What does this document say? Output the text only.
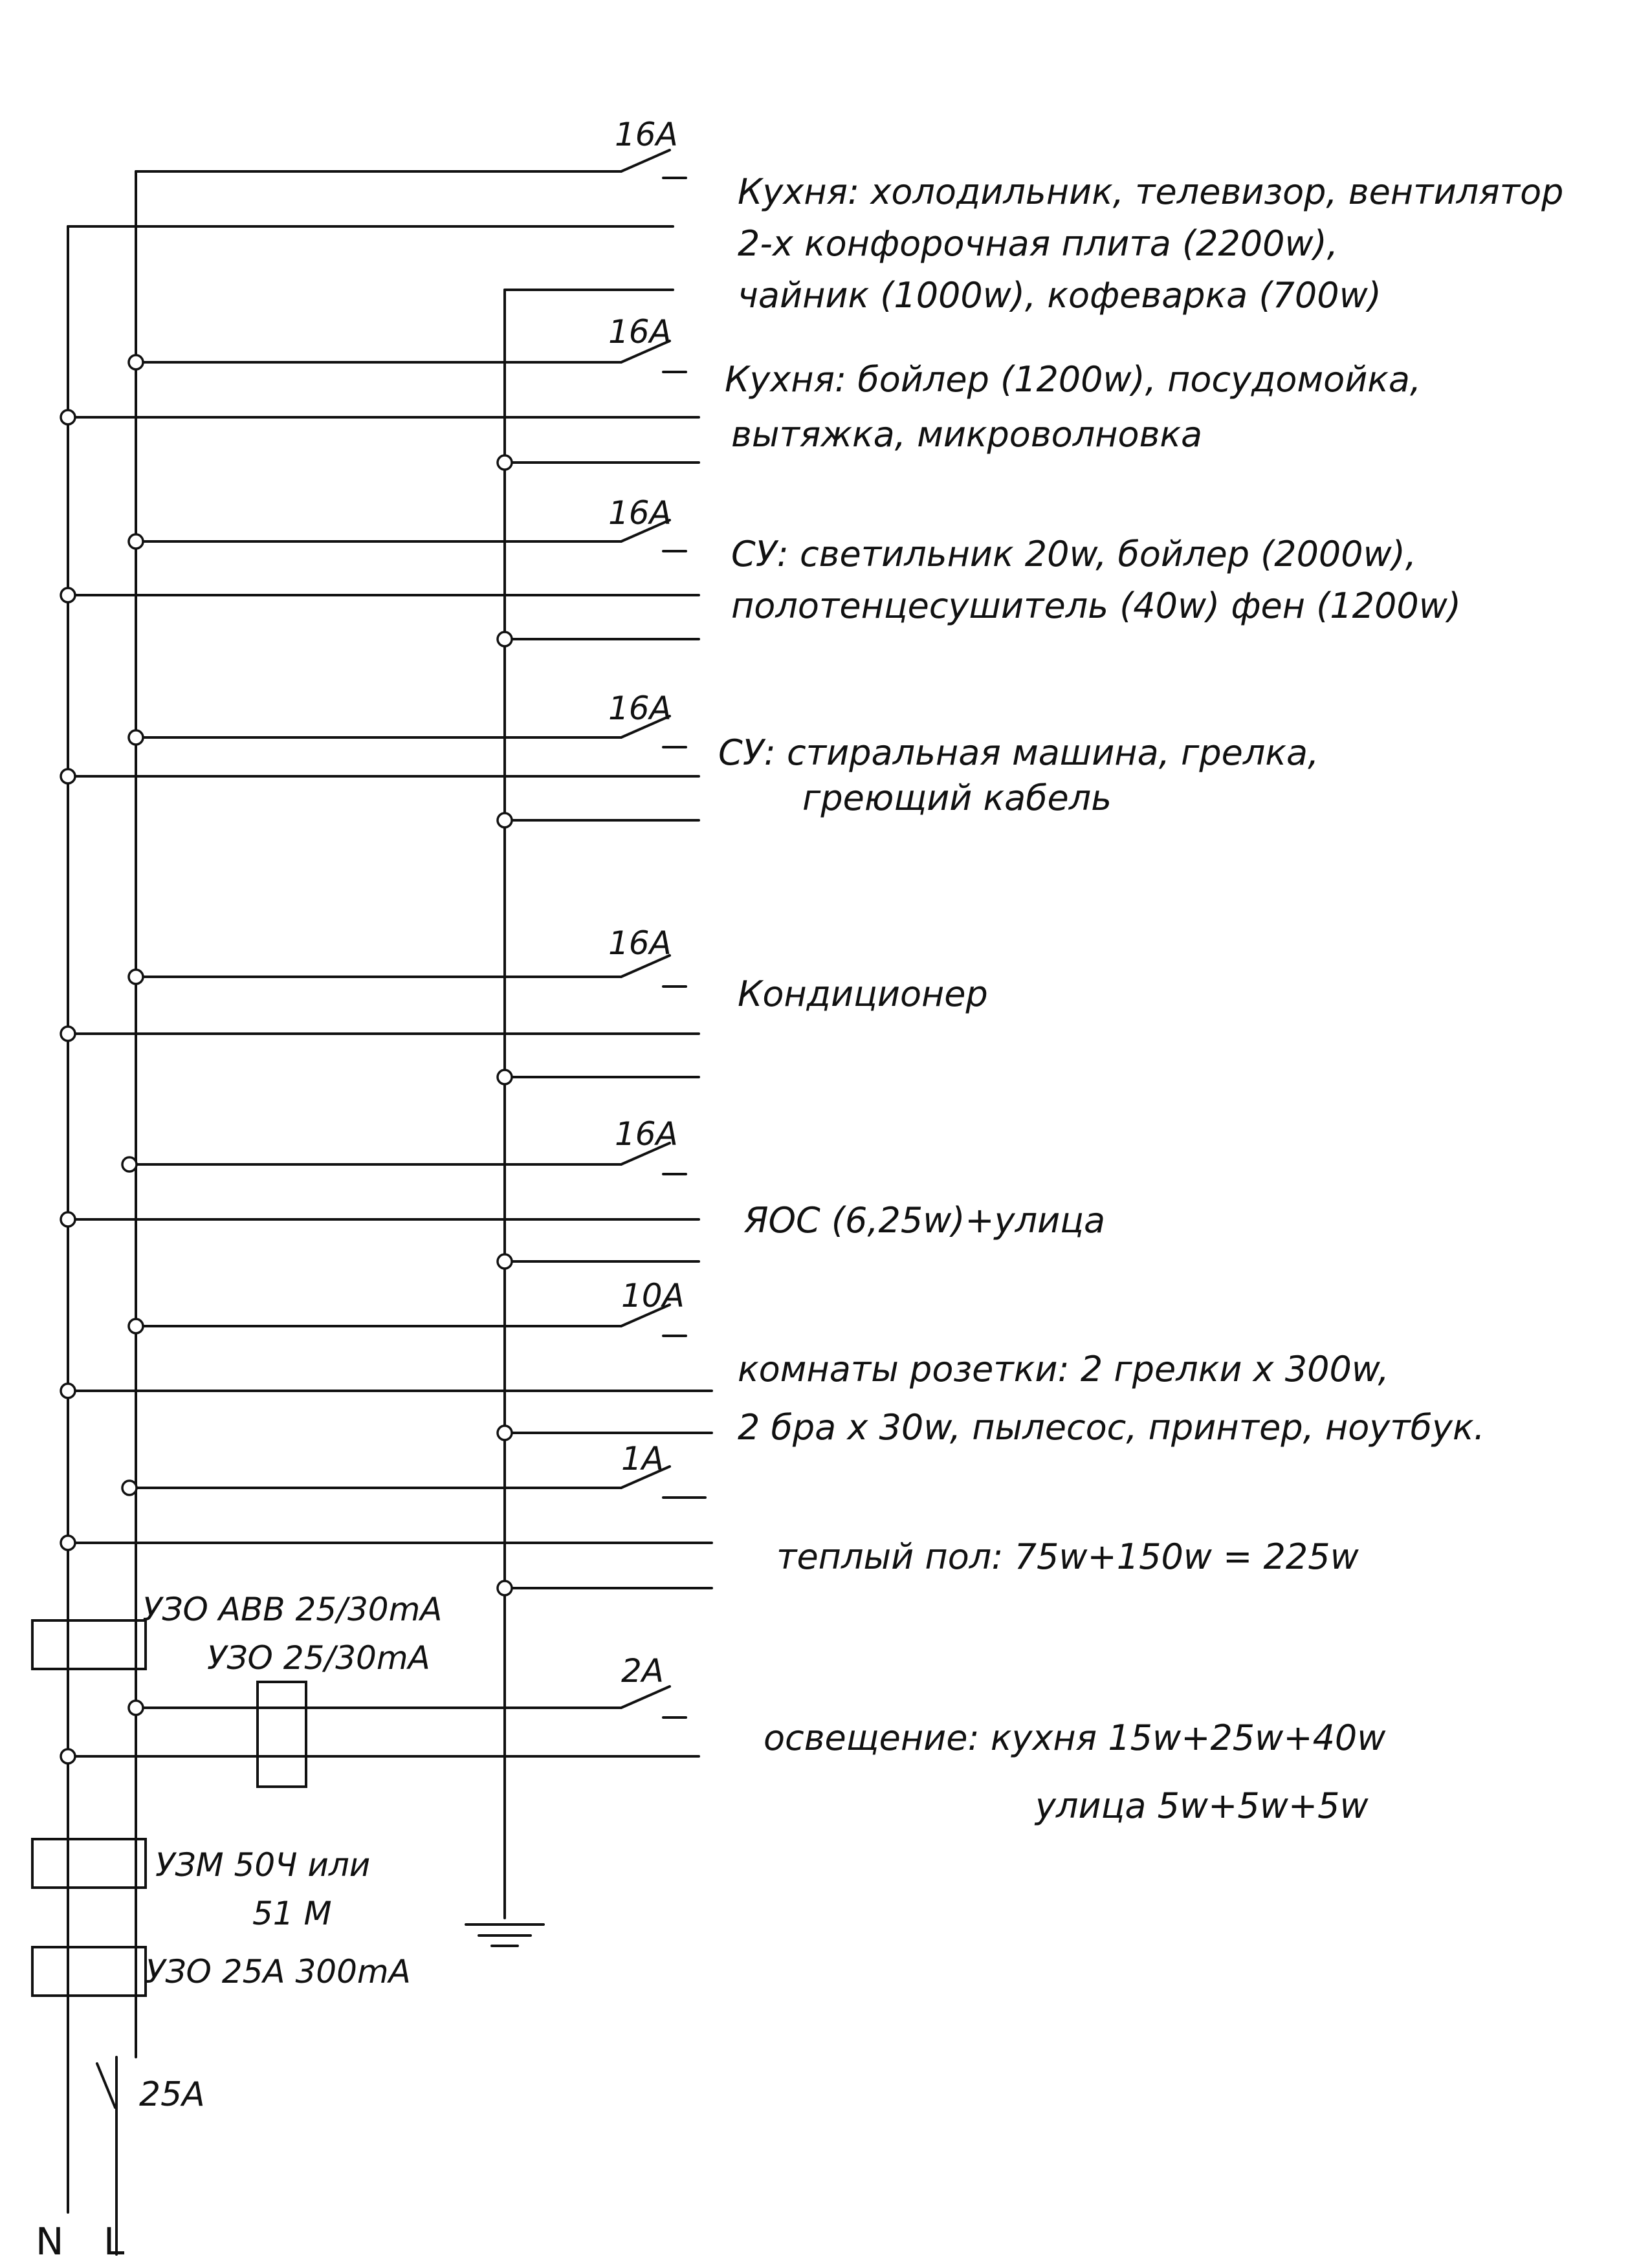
16A
Кухня: холодильник, телевизор, вентилятор
2-х конфорочная плита (2200w),
чайник (1000w), кофеварка (700w)
16A
Кухня: бойлер (1200w), посудомойка,
вытяжка, микроволновка
16A
СУ: светильник 20w, бойлер (2000w),
полотенцесушитель (40w) фен (1200w)
16A
СУ: стиральная машина, грелка,
греющий кабель
16A
Кондиционер
16A
ЯОС (6,25w)+улица
10A
комнаты розетки: 2 грелки x 300w,
2 бра x 30w, пылесос, принтер, ноутбук.
1A
теплый пол: 75w+150w = 225w
2A
освещение: кухня 15w+25w+40w
улица 5w+5w+5w
УЗО ABB 25/30mA
УЗО 25/30mA
УЗМ 50Ч или
51 М
УЗО 25A 300mA
25A
N L
